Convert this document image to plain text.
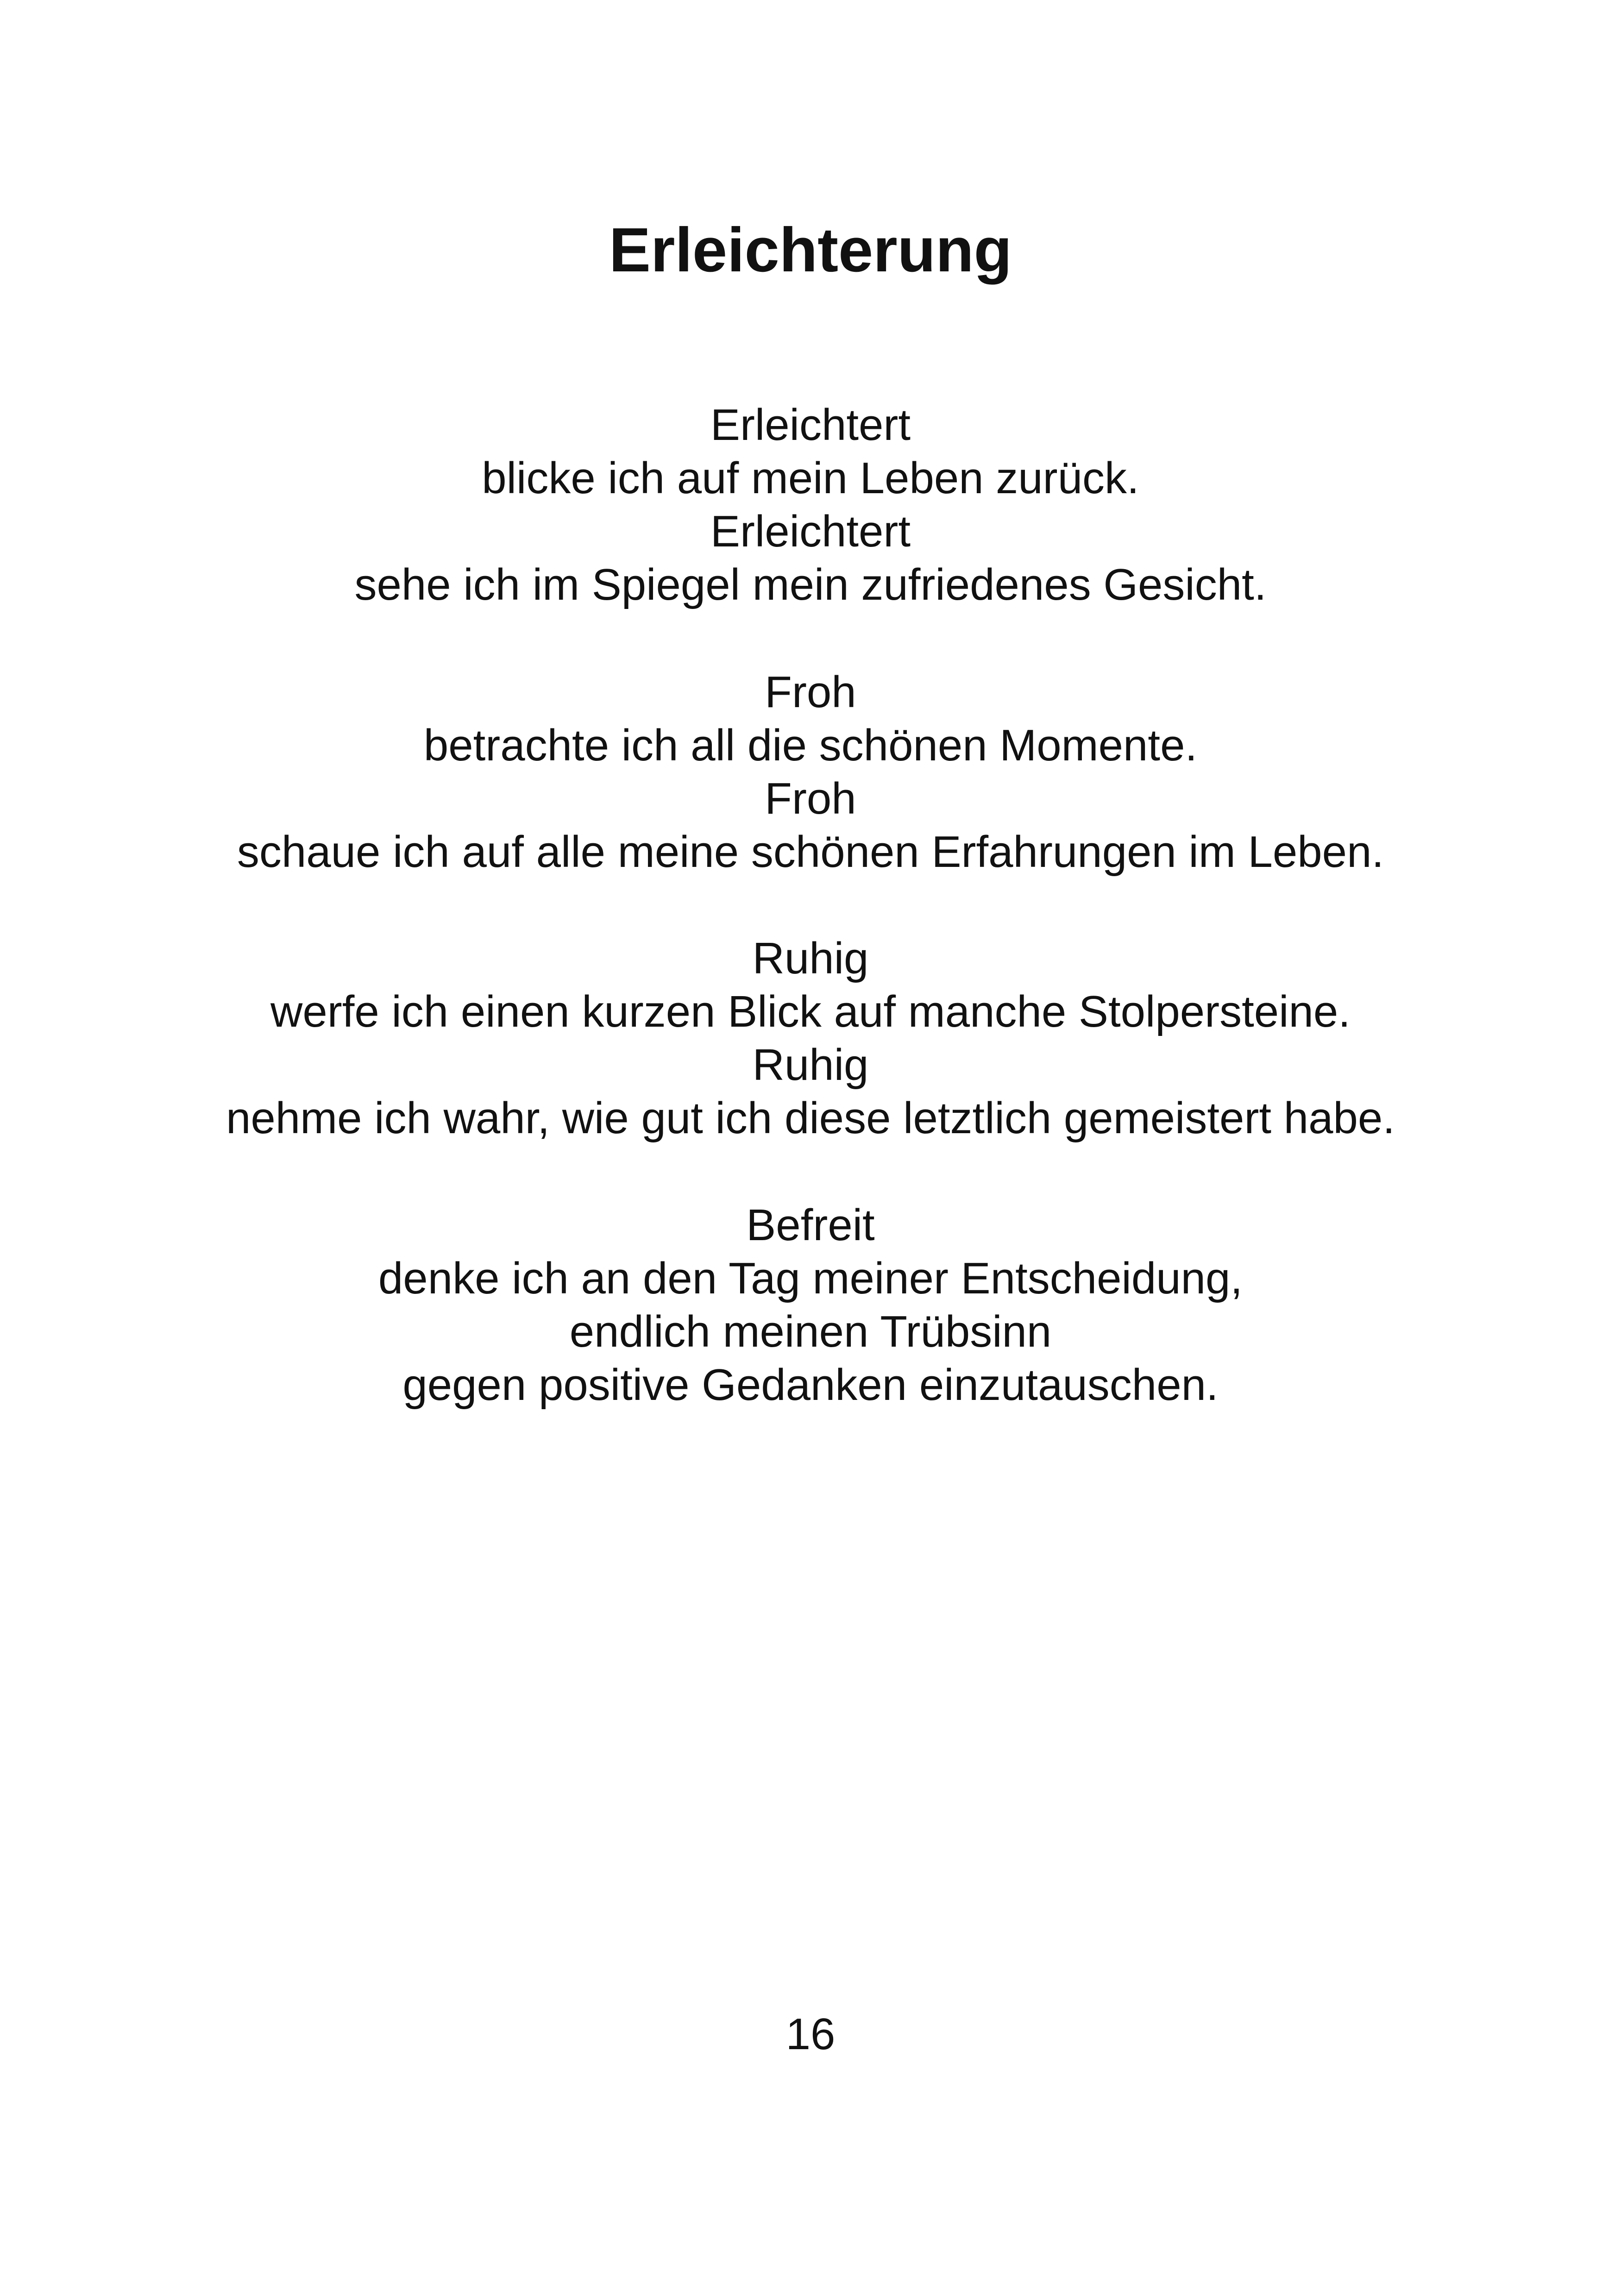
Erleichterung
Erleichtert
blicke ich auf mein Leben zurück.
Erleichtert
sehe ich im Spiegel mein zufriedenes Gesicht.
Froh
betrachte ich all die schönen Momente.
Froh
schaue ich auf alle meine schönen Erfahrungen im Leben.
Ruhig
werfe ich einen kurzen Blick auf manche Stolpersteine.
Ruhig
nehme ich wahr, wie gut ich diese letztlich gemeistert habe.
Befreit
denke ich an den Tag meiner Entscheidung,
endlich meinen Trübsinn
gegen positive Gedanken einzutauschen.
16
